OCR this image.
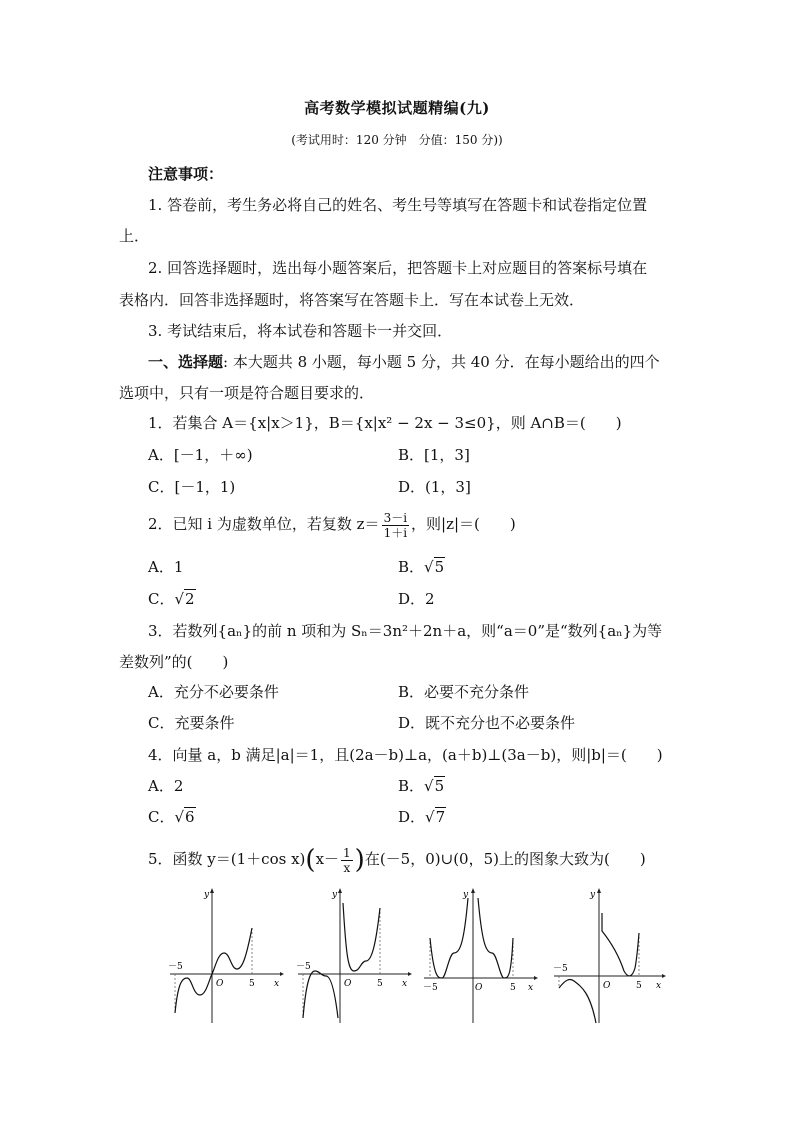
高考数学模拟试题精编(九)
(考试用时：120 分钟　分值：150 分))
注意事项：
1. 答卷前，考生务必将自己的姓名、考生号等填写在答题卡和试卷指定位置
上．
2. 回答选择题时，选出每小题答案后，把答题卡上对应题目的答案标号填在
表格内．回答非选择题时，将答案写在答题卡上．写在本试卷上无效．
3. 考试结束后，将本试卷和答题卡一并交回．
一、选择题: 本大题共 8 小题，每小题 5 分，共 40 分．在每小题给出的四个
选项中，只有一项是符合题目要求的．
1．若集合 A＝{x|x＞1}，B＝{x|x² − 2x − 3≤0}，则 A∩B＝(　　)
A．[－1，＋∞)	B．[1，3]
C．[－1，1)	D．(1，3]
2．已知 i 为虚数单位，若复数 $z= \frac{3-i}{1+i}$ ，则|z|＝(　　)
A．1	B．√5
C．√2	D．2
3．若数列{aₙ}的前 n 项和为 Sₙ＝3n²＋2n＋a，则“a＝0”是“数列{aₙ}为等
差数列”的(　　)
A．充分不必要条件	B．必要不充分条件
C．充要条件	D．既不充分也不必要条件
4．向量 a，b 满足|a|＝1，且(2a－b)⊥a，(a＋b)⊥(3a－b)，则|b|＝(　　)
A．2	B．√5
C．√6	D．√7
5．函数 y＝(1＋cos $x)(x- \frac{1}{x}$ )在(－5，0)∪(0，5)上的图象大致为(　　)
y
x
O
－5
5
y
x
O
－5
5
y
x
O
－5	5
y
x
O
－5
5
